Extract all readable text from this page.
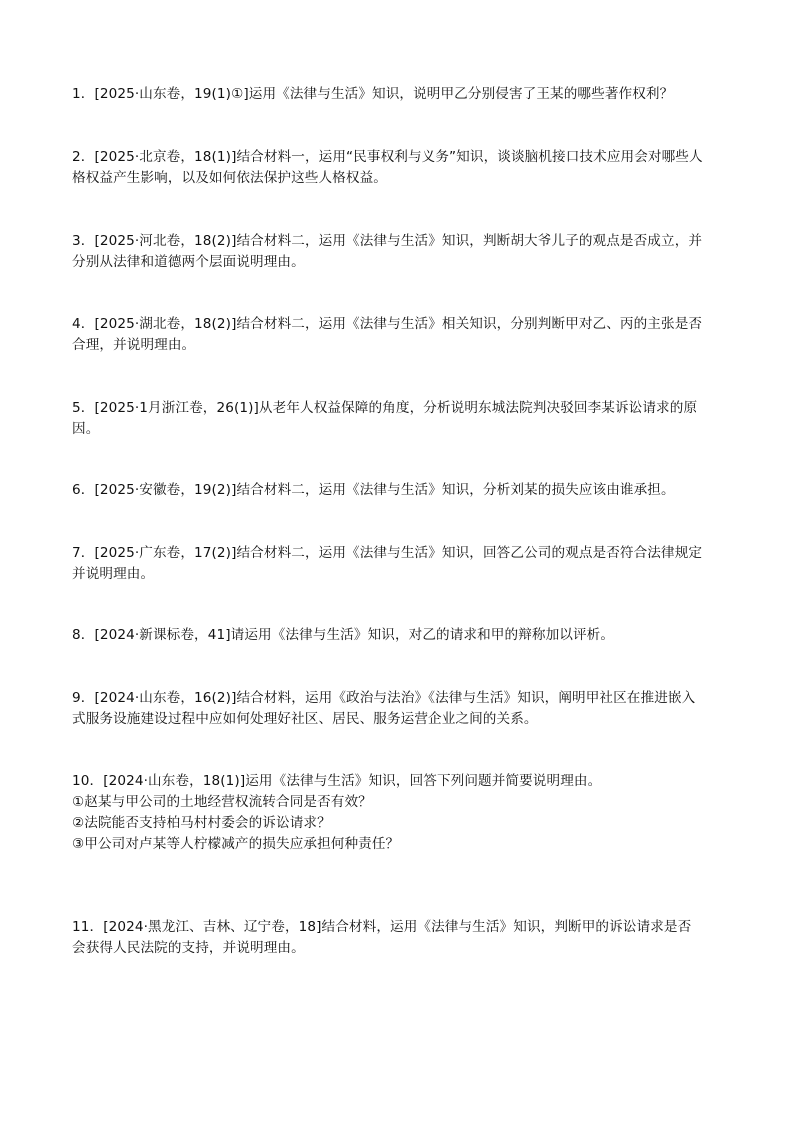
1．[2025·山东卷，19(1)①]运用《法律与生活》知识，说明甲乙分别侵害了王某的哪些著作权利？
2．[2025·北京卷，18(1)]结合材料一，运用“民事权利与义务”知识，谈谈脑机接口技术应用会对哪些人
格权益产生影响，以及如何依法保护这些人格权益。
3．[2025·河北卷，18(2)]结合材料二，运用《法律与生活》知识，判断胡大爷儿子的观点是否成立，并
分别从法律和道德两个层面说明理由。
4．[2025·湖北卷，18(2)]结合材料二，运用《法律与生活》相关知识，分别判断甲对乙、丙的主张是否
合理，并说明理由。
5．[2025·1月浙江卷，26(1)]从老年人权益保障的角度，分析说明东城法院判决驳回李某诉讼请求的原
因。
6．[2025·安徽卷，19(2)]结合材料二，运用《法律与生活》知识，分析刘某的损失应该由谁承担。
7．[2025·广东卷，17(2)]结合材料二，运用《法律与生活》知识，回答乙公司的观点是否符合法律规定
并说明理由。
8．[2024·新课标卷，41]请运用《法律与生活》知识，对乙的请求和甲的辩称加以评析。
9．[2024·山东卷，16(2)]结合材料，运用《政治与法治》《法律与生活》知识，阐明甲社区在推进嵌入
式服务设施建设过程中应如何处理好社区、居民、服务运营企业之间的关系。
10．[2024·山东卷，18(1)]运用《法律与生活》知识，回答下列问题并简要说明理由。
①赵某与甲公司的土地经营权流转合同是否有效？
②法院能否支持柏马村村委会的诉讼请求？
③甲公司对卢某等人柠檬减产的损失应承担何种责任？
11．[2024·黑龙江、吉林、辽宁卷，18]结合材料，运用《法律与生活》知识，判断甲的诉讼请求是否
会获得人民法院的支持，并说明理由。
